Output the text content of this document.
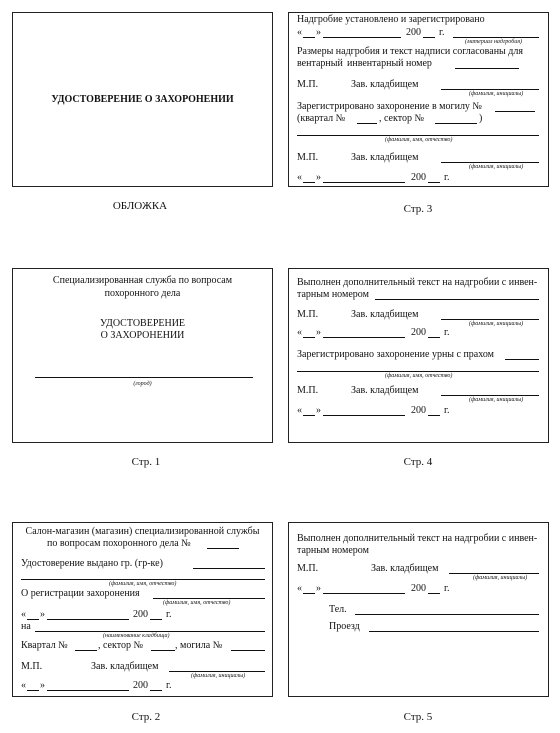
УДОСТОВЕРЕНИЕ О ЗАХОРОНЕНИИ
ОБЛОЖКА
Надгробие установлено и зарегистрировано
« »	200 г.
(материал надгробия)
Размеры надгробия и текст надписи согласованы для
вентарный инвентарный номер
М.П.	Зав. кладбищем
(фамилия, инициалы)
Зарегистрировано захоронение в могилу №
(квартал №	, сектор №	)
(фамилия, имя, отчество)
М.П.	Зав. кладбищем
(фамилия, инициалы)
« »	200 г.
Стр. 3
Специализированная служба по вопросам
похоронного дела
УДОСТОВЕРЕНИЕ
О ЗАХОРОНЕНИИ
(город)
Стр. 1
Выполнен дополнительный текст на надгробии с инвен-
тарным номером
М.П.	Зав. кладбищем
(фамилия, инициалы)
« »	200 г.
Зарегистрировано захоронение урны с прахом
(фамилия, имя, отчество)
М.П.	Зав. кладбищем
(фамилия, инициалы)
« »	200 г.
Стр. 4
Салон-магазин (магазин) специализированной службы
по вопросам похоронного дела №
Удостоверение выдано гр. (гр-ке)
(фамилия, имя, отчество)
О регистрации захоронения
(фамилия, имя, отчество)
« »	200 г.
на
(наименование кладбища)
Квартал №	, сектор №	, могила №
М.П.	Зав. кладбищем
(фамилия, инициалы)
« »	200 г.
Стр. 2
Выполнен дополнительный текст на надгробии с инвен-
тарным номером
М.П.	Зав. кладбищем
(фамилия, инициалы)
« »	200 г.
Тел.
Проезд
Стр. 5
